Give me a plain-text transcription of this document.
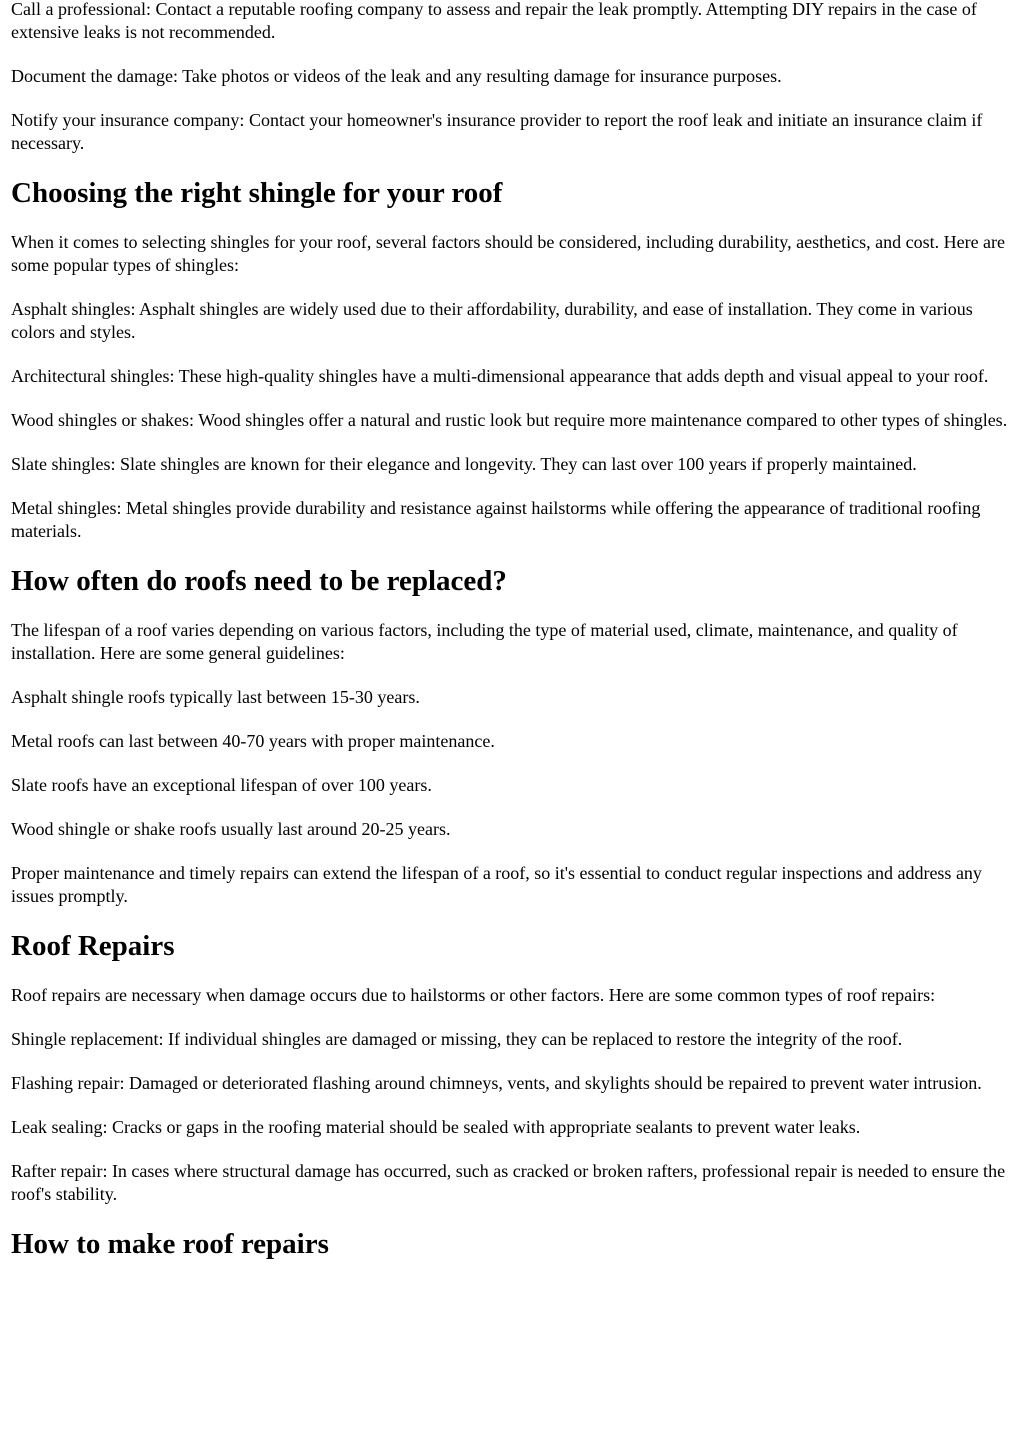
Call a professional: Contact a reputable roofing company to assess and repair the leak promptly. Attempting DIY repairs in the case of extensive leaks is not recommended.

Document the damage: Take photos or videos of the leak and any resulting damage for insurance purposes.

Notify your insurance company: Contact your homeowner's insurance provider to report the roof leak and initiate an insurance claim if necessary.

Choosing the right shingle for your roof

When it comes to selecting shingles for your roof, several factors should be considered, including durability, aesthetics, and cost. Here are some popular types of shingles:

Asphalt shingles: Asphalt shingles are widely used due to their affordability, durability, and ease of installation. They come in various colors and styles.

Architectural shingles: These high-quality shingles have a multi-dimensional appearance that adds depth and visual appeal to your roof.

Wood shingles or shakes: Wood shingles offer a natural and rustic look but require more maintenance compared to other types of shingles.

Slate shingles: Slate shingles are known for their elegance and longevity. They can last over 100 years if properly maintained.

Metal shingles: Metal shingles provide durability and resistance against hailstorms while offering the appearance of traditional roofing materials.

How often do roofs need to be replaced?

The lifespan of a roof varies depending on various factors, including the type of material used, climate, maintenance, and quality of installation. Here are some general guidelines:

Asphalt shingle roofs typically last between 15-30 years.

Metal roofs can last between 40-70 years with proper maintenance.

Slate roofs have an exceptional lifespan of over 100 years.

Wood shingle or shake roofs usually last around 20-25 years.

Proper maintenance and timely repairs can extend the lifespan of a roof, so it's essential to conduct regular inspections and address any issues promptly.

Roof Repairs

Roof repairs are necessary when damage occurs due to hailstorms or other factors. Here are some common types of roof repairs:

Shingle replacement: If individual shingles are damaged or missing, they can be replaced to restore the integrity of the roof.

Flashing repair: Damaged or deteriorated flashing around chimneys, vents, and skylights should be repaired to prevent water intrusion.

Leak sealing: Cracks or gaps in the roofing material should be sealed with appropriate sealants to prevent water leaks.

Rafter repair: In cases where structural damage has occurred, such as cracked or broken rafters, professional repair is needed to ensure the roof's stability.

How to make roof repairs
